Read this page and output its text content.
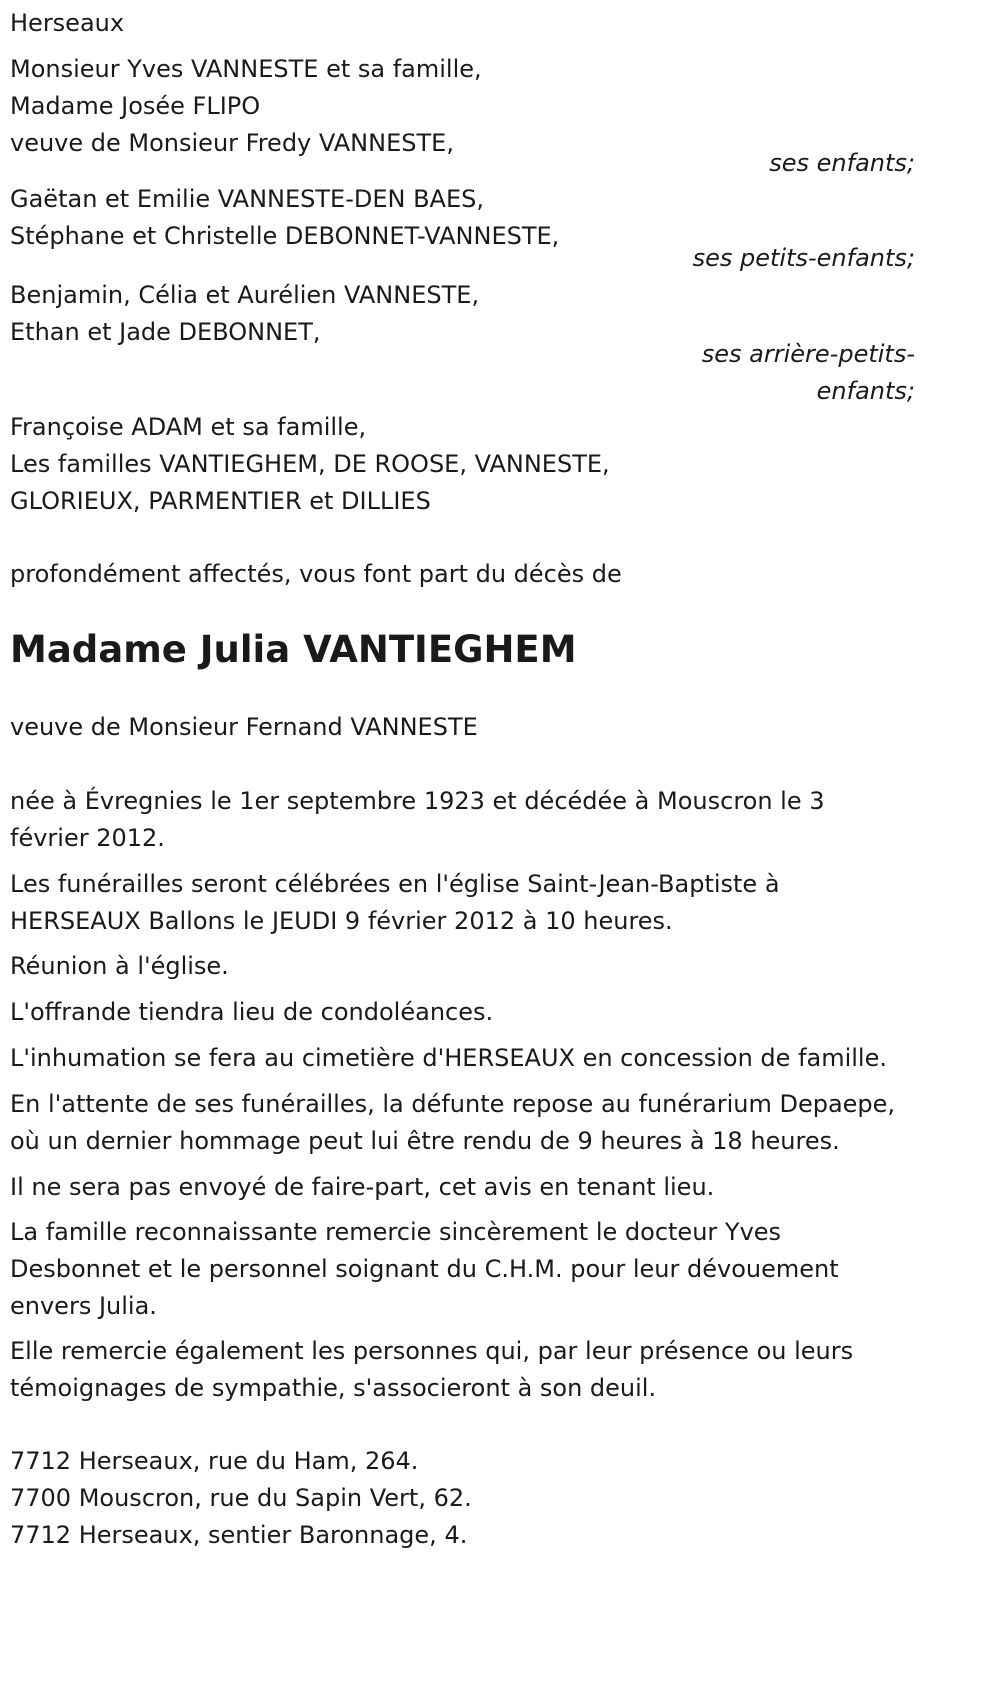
Herseaux
Monsieur Yves VANNESTE et sa famille,
Madame Josée FLIPO
veuve de Monsieur Fredy VANNESTE,
ses enfants;
Gaëtan et Emilie VANNESTE-DEN BAES,
Stéphane et Christelle DEBONNET-VANNESTE,
ses petits-enfants;
Benjamin, Célia et Aurélien VANNESTE,
Ethan et Jade DEBONNET,
ses arrière-petits-
enfants;
Françoise ADAM et sa famille,
Les familles VANTIEGHEM, DE ROOSE, VANNESTE,
GLORIEUX, PARMENTIER et DILLIES
profondément affectés, vous font part du décès de
Madame Julia VANTIEGHEM
veuve de Monsieur Fernand VANNESTE
née à Évregnies le 1er septembre 1923 et décédée à Mouscron le 3 février 2012.
Les funérailles seront célébrées en l'église Saint-Jean-Baptiste à HERSEAUX Ballons le JEUDI 9 février 2012 à 10 heures.
Réunion à l'église.
L'offrande tiendra lieu de condoléances.
L'inhumation se fera au cimetière d'HERSEAUX en concession de famille.
En l'attente de ses funérailles, la défunte repose au funérarium Depaepe, où un dernier hommage peut lui être rendu de 9 heures à 18 heures.
Il ne sera pas envoyé de faire-part, cet avis en tenant lieu.
La famille reconnaissante remercie sincèrement le docteur Yves Desbonnet et le personnel soignant du C.H.M. pour leur dévouement envers Julia.
Elle remercie également les personnes qui, par leur présence ou leurs témoignages de sympathie, s'associeront à son deuil.
7712 Herseaux, rue du Ham, 264.
7700 Mouscron, rue du Sapin Vert, 62.
7712 Herseaux, sentier Baronnage, 4.
